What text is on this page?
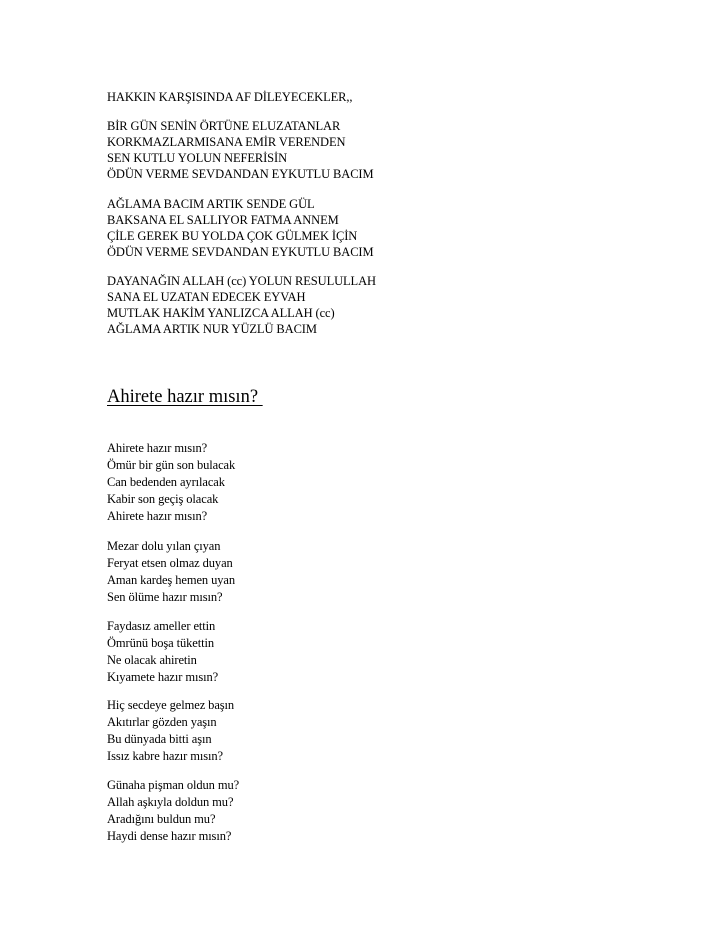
HAKKIN KARŞISINDA AF DİLEYECEKLER,,
BİR GÜN SENİN ÖRTÜNE ELUZATANLAR
KORKMAZLARMISANA EMİR VERENDEN
SEN KUTLU YOLUN NEFERİSİN
ÖDÜN VERME SEVDANDAN EYKUTLU BACIM
AĞLAMA BACIM ARTIK SENDE GÜL
BAKSANA EL SALLIYOR FATMA ANNEM
ÇİLE GEREK BU YOLDA ÇOK GÜLMEK İÇİN
ÖDÜN VERME SEVDANDAN EYKUTLU BACIM
DAYANAĞIN ALLAH (cc) YOLUN RESULULLAH
SANA EL UZATAN EDECEK EYVAH
MUTLAK HAKİM YANLIZCA ALLAH (cc)
AĞLAMA ARTIK NUR YÜZLÜ BACIM
Ahirete hazır mısın?
Ahirete hazır mısın?
Ömür bir gün son bulacak
Can bedenden ayrılacak
Kabir son geçiş olacak
Ahirete hazır mısın?
Mezar dolu yılan çıyan
Feryat etsen olmaz duyan
Aman kardeş hemen uyan
Sen ölüme hazır mısın?
Faydasız ameller ettin
Ömrünü boşa tükettin
Ne olacak ahiretin
Kıyamete hazır mısın?
Hiç secdeye gelmez başın
Akıtırlar gözden yaşın
Bu dünyada bitti aşın
Issız kabre hazır mısın?
Günaha pişman oldun mu?
Allah aşkıyla doldun mu?
Aradığını buldun mu?
Haydi dense hazır mısın?
